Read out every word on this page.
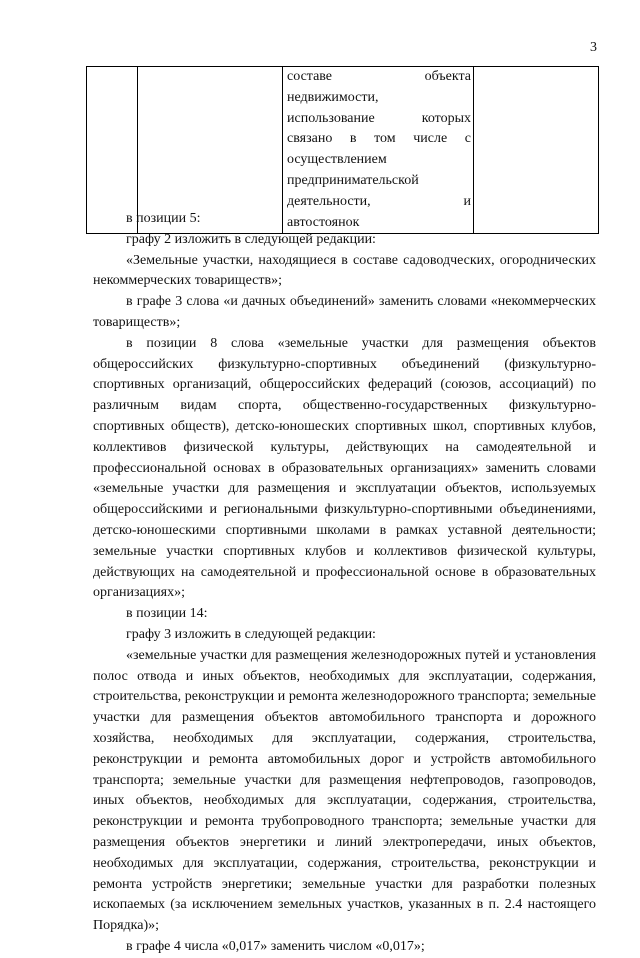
3

составе объекта
недвижимости,
использование которых
связано в том числе с
осуществлением
предпринимательской
деятельности, и
автостоянок

в позиции 5:

графу 2 изложить в следующей редакции:

«Земельные участки, находящиеся в составе садоводческих, огороднических некоммерческих товариществ»;

в графе 3 слова «и дачных объединений» заменить словами «некоммерческих товариществ»;

в позиции 8 слова «земельные участки для размещения объектов общероссийских физкультурно-спортивных объединений (физкультурно-спортивных организаций, общероссийских федераций (союзов, ассоциаций) по различным видам спорта, общественно-государственных физкультурно-спортивных обществ), детско-юношеских спортивных школ, спортивных клубов, коллективов физической культуры, действующих на самодеятельной и профессиональной основах в образовательных организациях» заменить словами «земельные участки для размещения и эксплуатации объектов, используемых общероссийскими и региональными физкультурно-спортивными объединениями, детско-юношескими спортивными школами в рамках уставной деятельности; земельные участки спортивных клубов и коллективов физической культуры, действующих на самодеятельной и профессиональной основе в образовательных организациях»;

в позиции 14:

графу 3 изложить в следующей редакции:

«земельные участки для размещения железнодорожных путей и установления полос отвода и иных объектов, необходимых для эксплуатации, содержания, строительства, реконструкции и ремонта железнодорожного транспорта; земельные участки для размещения объектов автомобильного транспорта и дорожного хозяйства, необходимых для эксплуатации, содержания, строительства, реконструкции и ремонта автомобильных дорог и устройств автомобильного транспорта; земельные участки для размещения нефтепроводов, газопроводов, иных объектов, необходимых для эксплуатации, содержания, строительства, реконструкции и ремонта трубопроводного транспорта; земельные участки для размещения объектов энергетики и линий электропередачи, иных объектов, необходимых для эксплуатации, содержания, строительства, реконструкции и ремонта устройств энергетики; земельные участки для разработки полезных ископаемых (за исключением земельных участков, указанных в п. 2.4 настоящего Порядка)»;

в графе 4 числа «0,017» заменить числом «0,017»;
